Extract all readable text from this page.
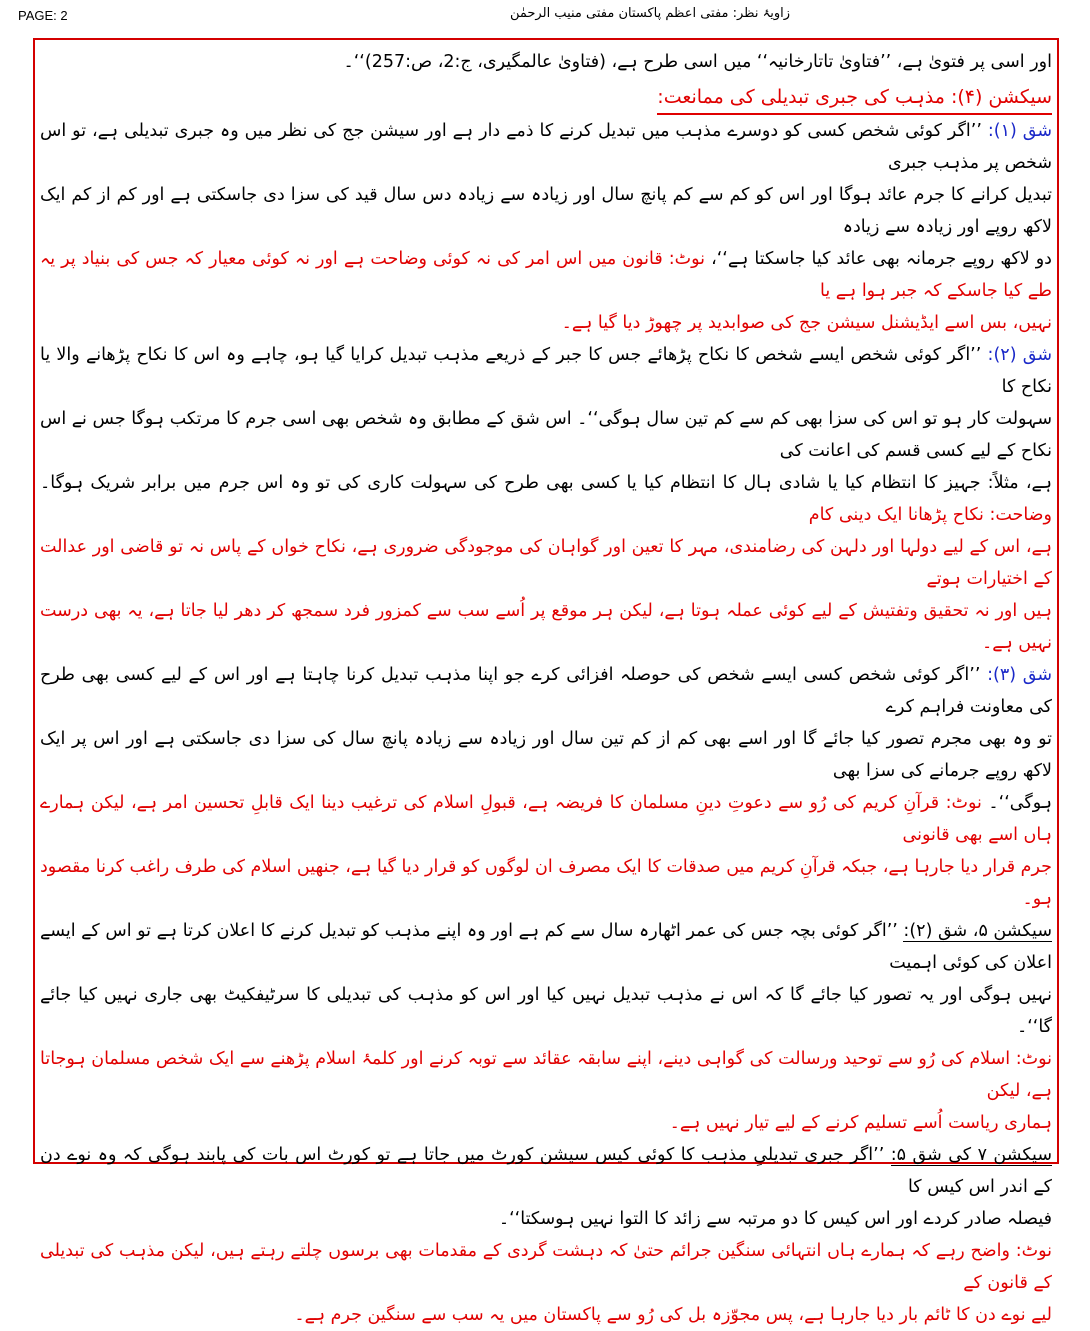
PAGE: 2	زاویۂ نظر: مفتی اعظم پاکستان مفتی منیب الرحمٰن
اور اسی پر فتویٰ ہے، ’’فتاویٰ تاتارخانیہ‘‘ میں اسی طرح ہے، (فتاویٰ عالمگیری، ج:2، ص:257)‘‘۔
سیکشن (۴): مذہب کی جبری تبدیلی کی ممانعت:
شق (۱): ’’اگر کوئی شخص کسی کو دوسرے مذہب میں تبدیل کرنے کا ذمے دار ہے اور سیشن جج کی نظر میں وہ جبری تبدیلی ہے، تو اس شخص پر مذہب جبری
تبدیل کرانے کا جرم عائد ہوگا اور اس کو کم سے کم پانچ سال اور زیادہ سے زیادہ دس سال قید کی سزا دی جاسکتی ہے اور کم از کم ایک لاکھ روپے اور زیادہ سے زیادہ
دو لاکھ روپے جرمانہ بھی عائد کیا جاسکتا ہے‘‘، نوٹ: قانون میں اس امر کی نہ کوئی وضاحت ہے اور نہ کوئی معیار کہ جس کی بنیاد پر یہ طے کیا جاسکے کہ جبر ہوا ہے یا
نہیں، بس اسے ایڈیشنل سیشن جج کی صوابدید پر چھوڑ دیا گیا ہے۔
شق (۲): ’’اگر کوئی شخص ایسے شخص کا نکاح پڑھائے جس کا جبر کے ذریعے مذہب تبدیل کرایا گیا ہو، چاہے وہ اس کا نکاح پڑھانے والا یا نکاح کا
سہولت کار ہو تو اس کی سزا بھی کم سے کم تین سال ہوگی‘‘۔ اس شق کے مطابق وہ شخص بھی اسی جرم کا مرتکب ہوگا جس نے اس نکاح کے لیے کسی قسم کی اعانت کی
ہے، مثلاً: جہیز کا انتظام کیا یا شادی ہال کا انتظام کیا یا کسی بھی طرح کی سہولت کاری کی تو وہ اس جرم میں برابر شریک ہوگا۔ وضاحت: نکاح پڑھانا ایک دینی کام
ہے، اس کے لیے دولہا اور دلہن کی رضامندی، مہر کا تعین اور گواہان کی موجودگی ضروری ہے، نکاح خواں کے پاس نہ تو قاضی اور عدالت کے اختیارات ہوتے
ہیں اور نہ تحقیق وتفتیش کے لیے کوئی عملہ ہوتا ہے، لیکن ہر موقع پر اُسے سب سے کمزور فرد سمجھ کر دھر لیا جاتا ہے، یہ بھی درست نہیں ہے۔
شق (۳): ’’اگر کوئی شخص کسی ایسے شخص کی حوصلہ افزائی کرے جو اپنا مذہب تبدیل کرنا چاہتا ہے اور اس کے لیے کسی بھی طرح کی معاونت فراہم کرے
تو وہ بھی مجرم تصور کیا جائے گا اور اسے بھی کم از کم تین سال اور زیادہ سے زیادہ پانچ سال کی سزا دی جاسکتی ہے اور اس پر ایک لاکھ روپے جرمانے کی سزا بھی
ہوگی‘‘۔ نوٹ: قرآنِ کریم کی رُو سے دعوتِ دینِ مسلمان کا فریضہ ہے، قبولِ اسلام کی ترغیب دینا ایک قابلِ تحسین امر ہے، لیکن ہمارے ہاں اسے بھی قانونی
جرم قرار دیا جارہا ہے، جبکہ قرآنِ کریم میں صدقات کا ایک مصرف ان لوگوں کو قرار دیا گیا ہے، جنھیں اسلام کی طرف راغب کرنا مقصود ہو۔
سیکشن ۵، شق (۲): ’’اگر کوئی بچہ جس کی عمر اٹھارہ سال سے کم ہے اور وہ اپنے مذہب کو تبدیل کرنے کا اعلان کرتا ہے تو اس کے ایسے اعلان کی کوئی اہمیت
نہیں ہوگی اور یہ تصور کیا جائے گا کہ اس نے مذہب تبدیل نہیں کیا اور اس کو مذہب کی تبدیلی کا سرٹیفکیٹ بھی جاری نہیں کیا جائے گا‘‘۔
نوٹ: اسلام کی رُو سے توحید ورسالت کی گواہی دینے، اپنے سابقہ عقائد سے توبہ کرنے اور کلمۂ اسلام پڑھنے سے ایک شخص مسلمان ہوجاتا ہے، لیکن
ہماری ریاست اُسے تسلیم کرنے کے لیے تیار نہیں ہے۔
سیکشن ۷ کی شق ۵: ’’اگر جبری تبدیلیِ مذہب کا کوئی کیس سیشن کورٹ میں جاتا ہے تو کورٹ اس بات کی پابند ہوگی کہ وہ نوے دن کے اندر اس کیس کا
فیصلہ صادر کردے اور اس کیس کا دو مرتبہ سے زائد کا التوا نہیں ہوسکتا‘‘۔
نوٹ: واضح رہے کہ ہمارے ہاں انتہائی سنگین جرائم حتیٰ کہ دہشت گردی کے مقدمات بھی برسوں چلتے رہتے ہیں، لیکن مذہب کی تبدیلی کے قانون کے
لیے نوے دن کا ٹائم بار دیا جارہا ہے، پس مجوّزہ بل کی رُو سے پاکستان میں یہ سب سے سنگین جرم ہے۔
